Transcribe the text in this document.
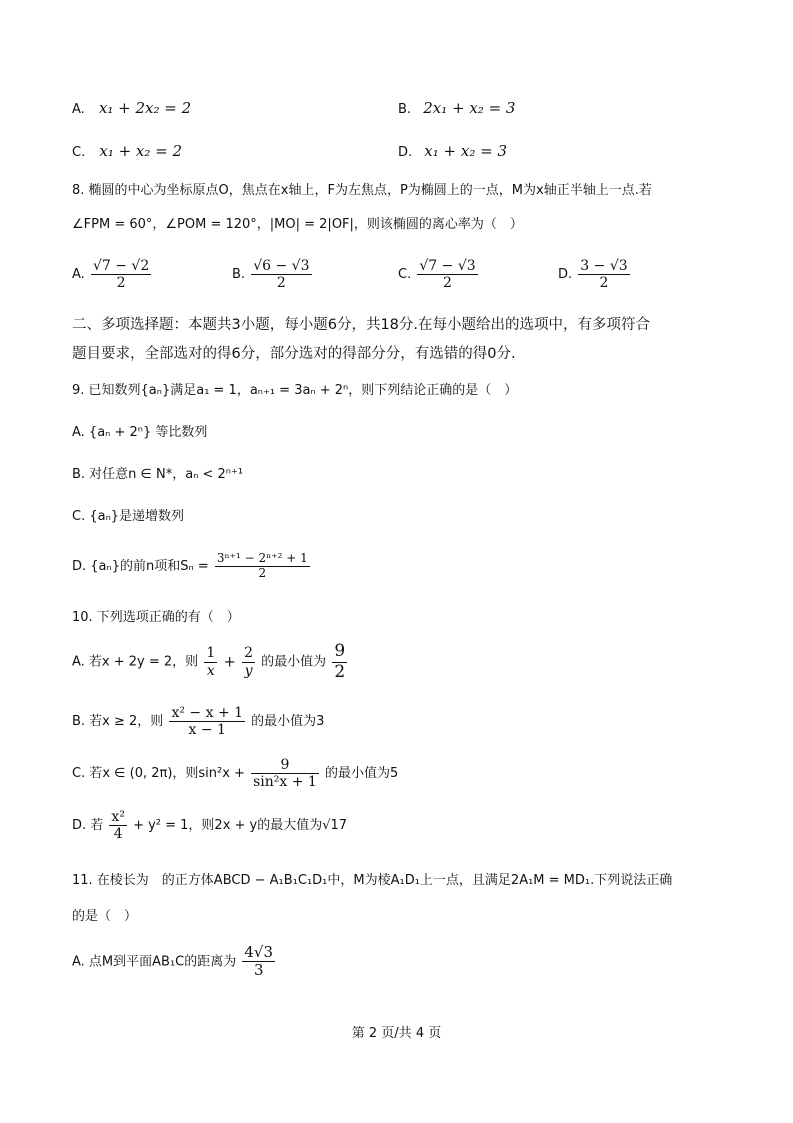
A. x₁ + 2x₂ = 2	B. 2x₁ + x₂ = 3
C. x₁ + x₂ = 2	D. x₁ + x₂ = 3
8. 椭圆的中心为坐标原点O，焦点在x轴上，F为左焦点，P为椭圆上的一点，M为x轴正半轴上一点.若
∠FPM = 60°，∠POM = 120°，|MO| = 2|OF|，则该椭圆的离心率为（　）
A. $\frac{√7 - √2}{2}$	B. $\frac{√6 - √3}{2}$	C. $\frac{√7 - √3}{2}$	D. $\frac{3 - √3}{2}$
二、多项选择题：本题共3小题，每小题6分，共18分.在每小题给出的选项中，有多项符合
题目要求，全部选对的得6分，部分选对的得部分分，有选错的得0分.
9. 已知数列{aₙ}满足a₁ = 1，aₙ₊₁ = 3aₙ + 2ⁿ，则下列结论正确的是（　）
A. {aₙ + 2ⁿ} 等比数列
B. 对任意n ∈ N*，aₙ < 2ⁿ⁺¹
C. {aₙ}是递增数列
D. {aₙ}的前n项和$S_n = \frac{\text{3ⁿ⁺¹ − 2ⁿ⁺² + 1}}{2}$
10. 下列选项正确的有（　）
A. 若x + 2y = 2，则 $\frac{1}{x} + \frac{2}{y}$ 的最小值为 $\frac{9}{2}$
B. 若x ≥ 2，则 $\frac{\text{x² − x + 1}}{x - 1}$ 的最小值为3
C. 若x ∈ (0, 2π)，则$\sin^2x + \frac{9}{\text{sin²x + 1}}$ 的最小值为5
D. 若 $\frac{\text{x²}}{4} + y^2 = 1$，则2x + y的最大值为√17
11. 在棱长为　的正方体ABCD − A₁B₁C₁D₁中，M为棱A₁D₁上一点，且满足2A₁M = MD₁.下列说法正确
的是（　）
A. 点M到平面AB₁C的距离为 $\frac{4√3}{3}$
第 2 页/共 4 页
